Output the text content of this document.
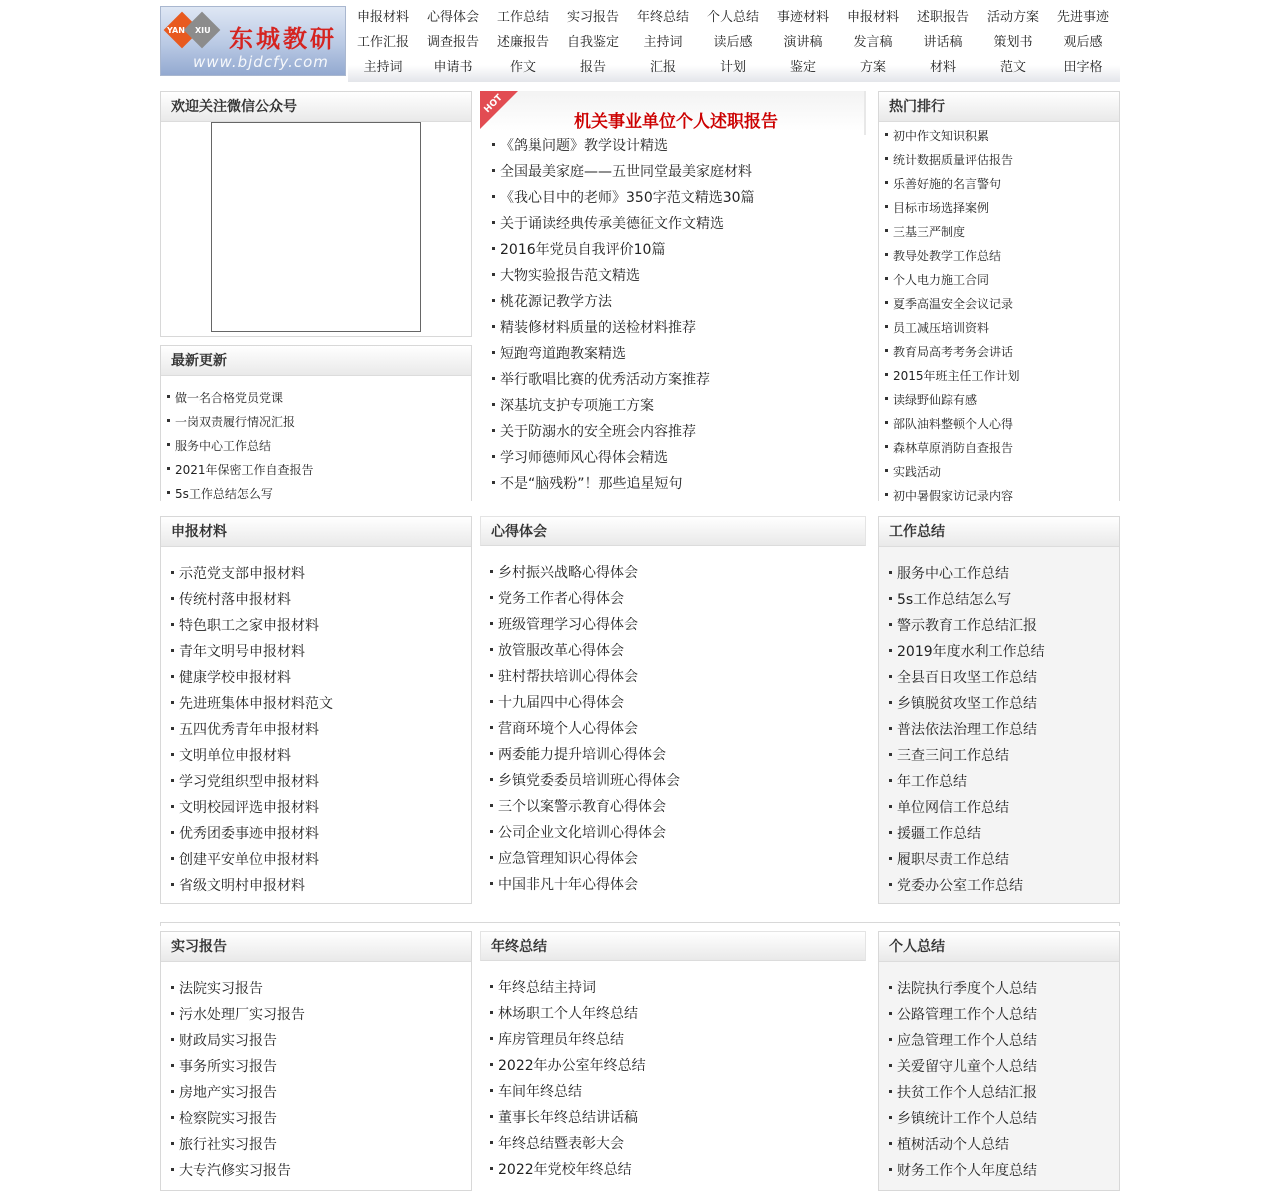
YAN XIU 东城教研
www.bjdcfy.com
申报材料	心得体会	工作总结	实习报告	年终总结	个人总结	事迹材料	申报材料	述职报告	活动方案	先进事迹
工作汇报	调查报告	述廉报告	自我鉴定	主持词	读后感	演讲稿	发言稿	讲话稿	策划书	观后感
主持词	申请书	作文	报告	汇报	计划	鉴定	方案	材料	范文	田字格
欢迎关注微信公众号
最新更新
做一名合格党员党课
一岗双责履行情况汇报
服务中心工作总结
2021年保密工作自查报告
5s工作总结怎么写
HOT
机关事业单位个人述职报告
《鸽巢问题》教学设计精选
全国最美家庭——五世同堂最美家庭材料
《我心目中的老师》350字范文精选30篇
关于诵读经典传承美德征文作文精选
2016年党员自我评价10篇
大物实验报告范文精选
桃花源记教学方法
精装修材料质量的送检材料推荐
短跑弯道跑教案精选
举行歌唱比赛的优秀活动方案推荐
深基坑支护专项施工方案
关于防溺水的安全班会内容推荐
学习师德师风心得体会精选
不是“脑残粉”！那些追星短句
热门排行
初中作文知识积累
统计数据质量评估报告
乐善好施的名言警句
目标市场选择案例
三基三严制度
教导处教学工作总结
个人电力施工合同
夏季高温安全会议记录
员工减压培训资料
教育局高考考务会讲话
2015年班主任工作计划
读绿野仙踪有感
部队油料整顿个人心得
森林草原消防自查报告
实践活动
初中暑假家访记录内容
申报材料
示范党支部申报材料
传统村落申报材料
特色职工之家申报材料
青年文明号申报材料
健康学校申报材料
先进班集体申报材料范文
五四优秀青年申报材料
文明单位申报材料
学习党组织型申报材料
文明校园评选申报材料
优秀团委事迹申报材料
创建平安单位申报材料
省级文明村申报材料
心得体会
乡村振兴战略心得体会
党务工作者心得体会
班级管理学习心得体会
放管服改革心得体会
驻村帮扶培训心得体会
十九届四中心得体会
营商环境个人心得体会
两委能力提升培训心得体会
乡镇党委委员培训班心得体会
三个以案警示教育心得体会
公司企业文化培训心得体会
应急管理知识心得体会
中国非凡十年心得体会
工作总结
服务中心工作总结
5s工作总结怎么写
警示教育工作总结汇报
2019年度水利工作总结
全县百日攻坚工作总结
乡镇脱贫攻坚工作总结
普法依法治理工作总结
三查三问工作总结
年工作总结
单位网信工作总结
援疆工作总结
履职尽责工作总结
党委办公室工作总结
实习报告
法院实习报告
污水处理厂实习报告
财政局实习报告
事务所实习报告
房地产实习报告
检察院实习报告
旅行社实习报告
大专汽修实习报告
年终总结
年终总结主持词
林场职工个人年终总结
库房管理员年终总结
2022年办公室年终总结
车间年终总结
董事长年终总结讲话稿
年终总结暨表彰大会
2022年党校年终总结
个人总结
法院执行季度个人总结
公路管理工作个人总结
应急管理工作个人总结
关爱留守儿童个人总结
扶贫工作个人总结汇报
乡镇统计工作个人总结
植树活动个人总结
财务工作个人年度总结
